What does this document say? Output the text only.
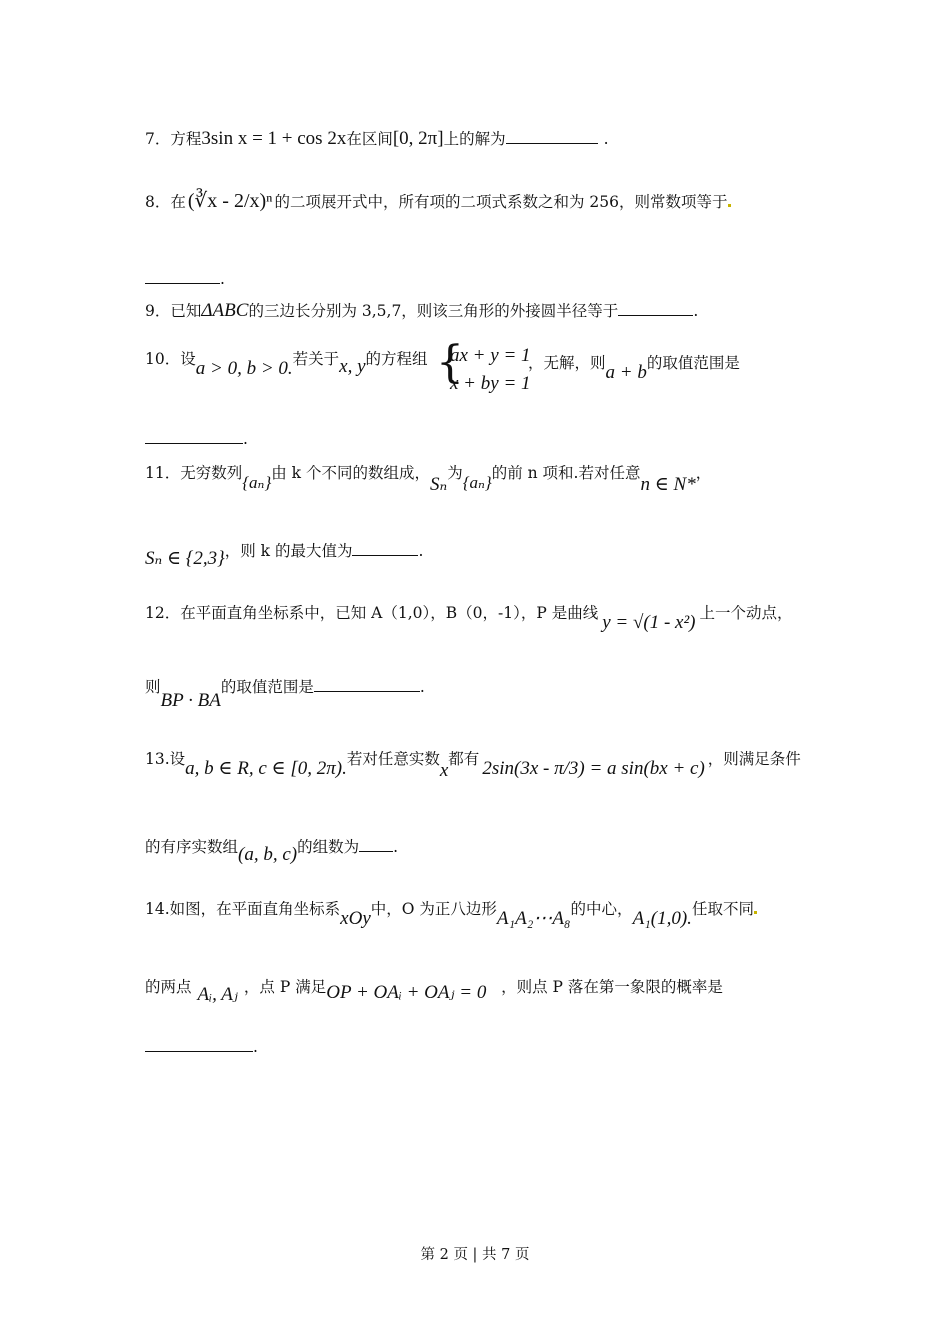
7．方程3sin x = 1 + cos 2x在区间[0, 2π]上的解为	.
8．在 (∛x - 2/x)ⁿ 的二项展开式中，所有项的二项式系数之和为 256，则常数项等于
.
9．已知ΔABC的三边长分别为 3,5,7，则该三角形的外接圆半径等于	.
10．设a > 0, b > 0.若关于x, y的方程组 {
ax + y = 1
x + by = 1
，无解，则a + b的取值范围是
.
11．无穷数列{aₙ}由 k 个不同的数组成，Sₙ为{aₙ}的前 n 项和.若对任意n ∈ N*，
Sₙ ∈ {2,3}，则 k 的最大值为	.
12．在平面直角坐标系中，已知 A（1,0），B（0，-1），P 是曲线 y = √(1 - x²) 上一个动点，
则BP · BA的取值范围是	.
13.设a, b ∈ R, c ∈ [0, 2π).若对任意实数x都有 2sin(3x - π/3) = a sin(bx + c) ，则满足条件
的有序实数组(a, b, c)的组数为 .
14.如图，在平面直角坐标系xOy中，O 为正八边形A₁A₂⋯A₈的中心，A₁(1,0).任取不同
的两点 Aᵢ, Aⱼ ，点 P 满足OP + OAᵢ + OAⱼ = 0⃗，则点 P 落在第一象限的概率是
.
第 2 页 | 共 7 页
